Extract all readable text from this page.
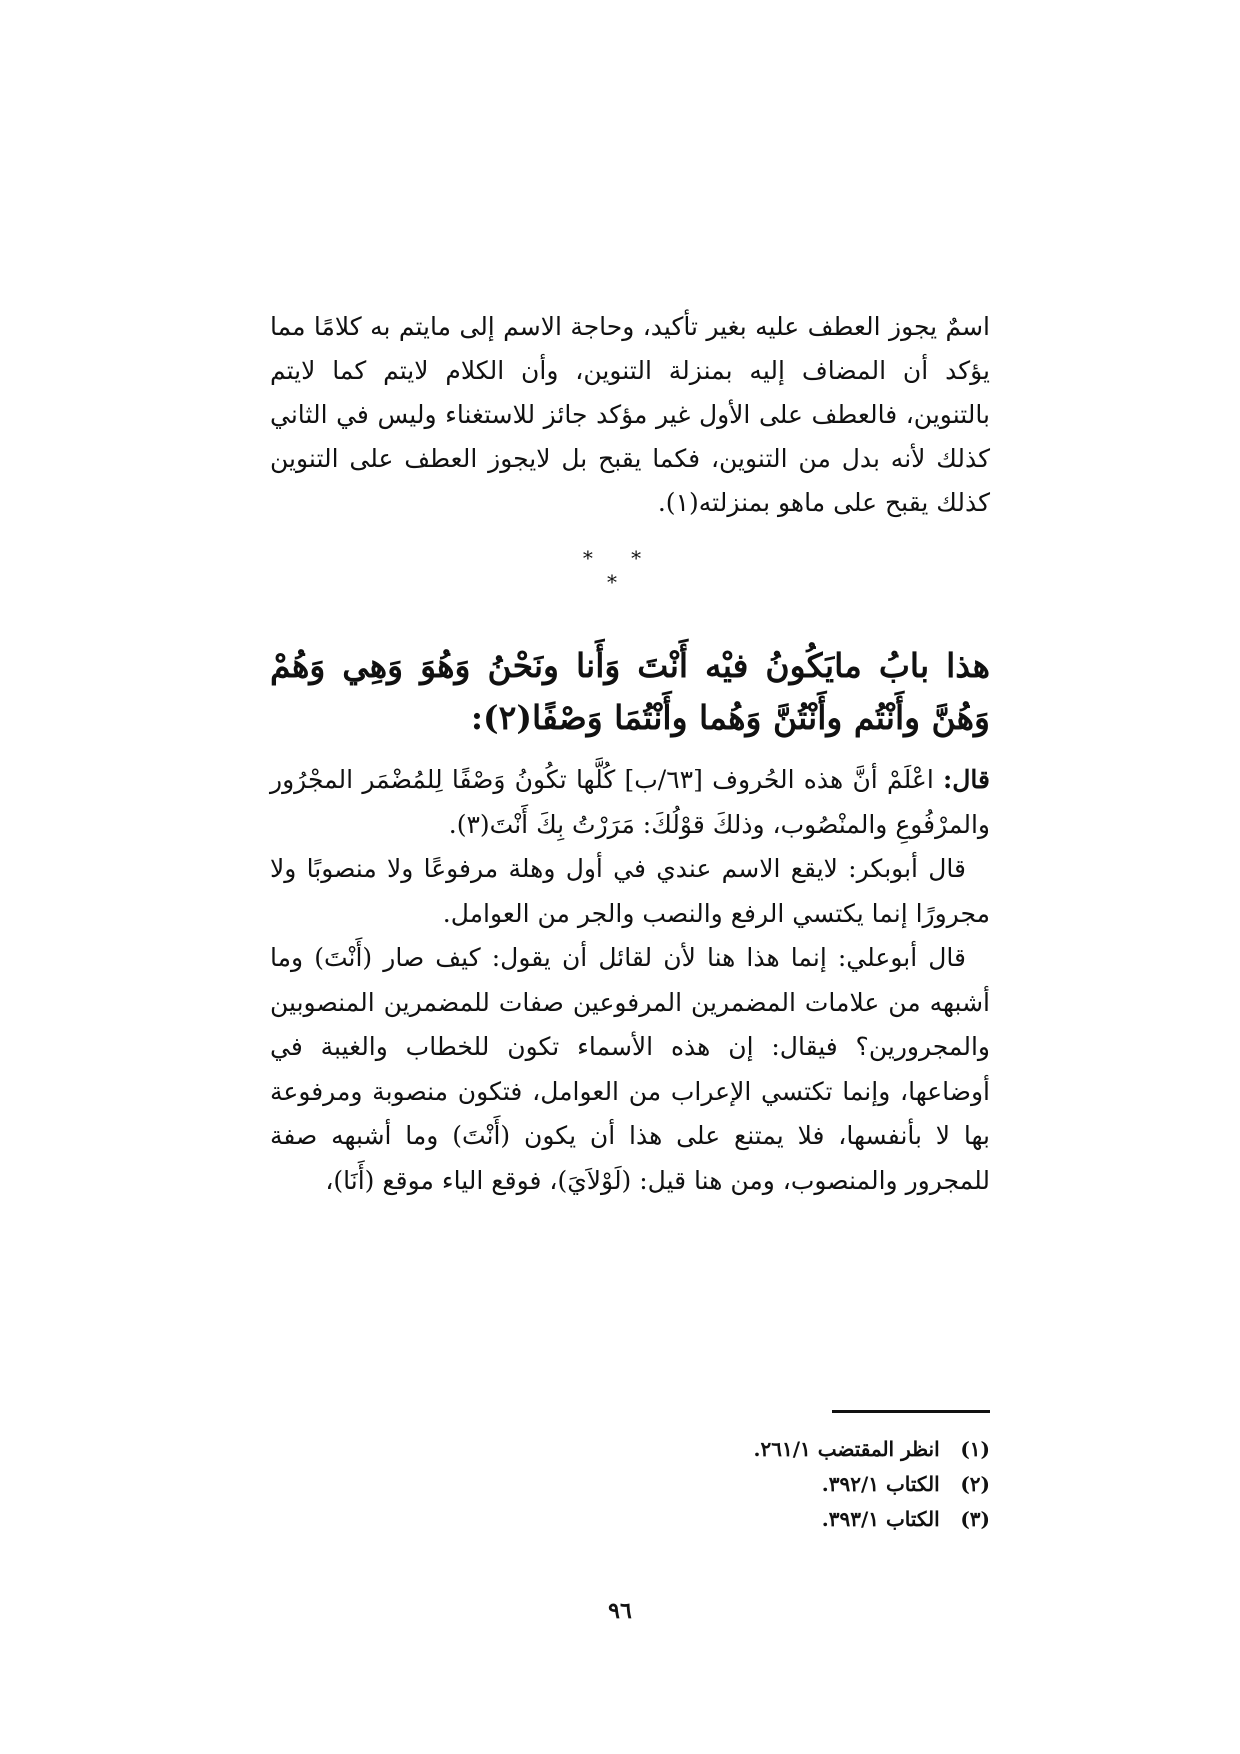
اسمٌ يجوز العطف عليه بغير تأكيد، وحاجة الاسم إلى مايتم به كلامًا مما يؤكد أن المضاف إليه بمنزلة التنوين، وأن الكلام لايتم كما لايتم بالتنوين، فالعطف على الأول غير مؤكد جائز للاستغناء وليس في الثاني كذلك لأنه بدل من التنوين، فكما يقبح بل لايجوز العطف على التنوين كذلك يقبح على ماهو بمنزلته(١).

* * *

هذا بابُ مايَكُونُ فيْه أَنْتَ وَأَنا ونَحْنُ وَهُوَ وَهِي وَهُمْ وَهُنَّ وأَنْتُم وأَنْتُنَّ وَهُما وأَنْتُمَا وَصْفًا(٢):

قال: اعْلَمْ أنَّ هذه الحُروف [٦٣/ب] كُلَّها تكُونُ وَصْفًا لِلمُضْمَر المجْرُور والمرْفُوعِ والمنْصُوب، وذلكَ قوْلُكَ: مَرَرْتُ بِكَ أَنْتَ(٣).

قال أبوبكر: لايقع الاسم عندي في أول وهلة مرفوعًا ولا منصوبًا ولا مجرورًا إنما يكتسي الرفع والنصب والجر من العوامل.

قال أبوعلي: إنما هذا هنا لأن لقائل أن يقول: كيف صار (أَنْتَ) وما أشبهه من علامات المضمرين المرفوعين صفات للمضمرين المنصوبين والمجرورين؟ فيقال: إن هذه الأسماء تكون للخطاب والغيبة في أوضاعها، وإنما تكتسي الإعراب من العوامل، فتكون منصوبة ومرفوعة بها لا بأنفسها، فلا يمتنع على هذا أن يكون (أَنْتَ) وما أشبهه صفة للمجرور والمنصوب، ومن هنا قيل: (لَوْلاَيَ)، فوقع الياء موقع (أَنَا)،

(١) انظر المقتضب ٢٦١/١.
(٢) الكتاب ٣٩٢/١.
(٣) الكتاب ٣٩٣/١.

٩٦
